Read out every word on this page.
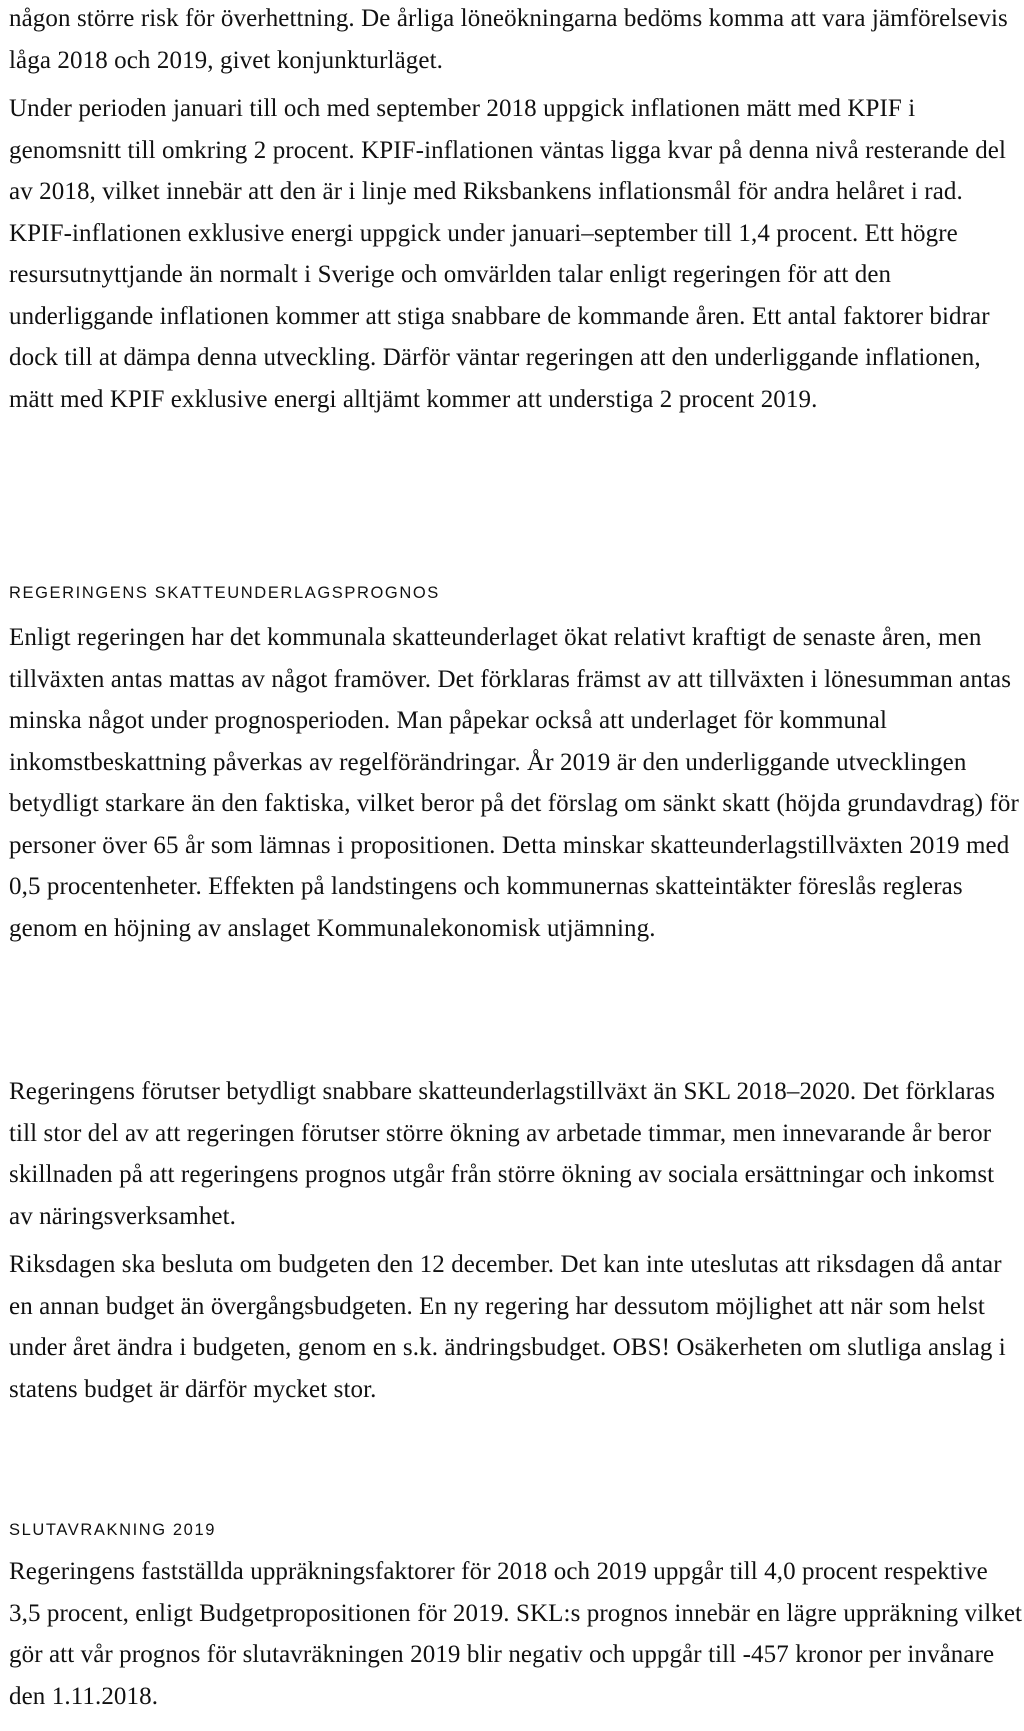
någon större risk för överhettning. De årliga löneökningarna bedöms komma att vara jämförelsevis låga 2018 och 2019, givet konjunkturläget.

Under perioden januari till och med september 2018 uppgick inflationen mätt med KPIF i genomsnitt till omkring 2 procent. KPIF-inflationen väntas ligga kvar på denna nivå resterande del av 2018, vilket innebär att den är i linje med Riksbankens inflationsmål för andra helåret i rad. KPIF-inflationen exklusive energi uppgick under januari–september till 1,4 procent. Ett högre resursutnyttjande än normalt i Sverige och omvärlden talar enligt regeringen för att den underliggande inflationen kommer att stiga snabbare de kommande åren. Ett antal faktorer bidrar dock till at dämpa denna utveckling. Därför väntar regeringen att den underliggande inflationen, mätt med KPIF exklusive energi alltjämt kommer att understiga 2 procent 2019.

REGERINGENS SKATTEUNDERLAGSPROGNOS

Enligt regeringen har det kommunala skatteunderlaget ökat relativt kraftigt de senaste åren, men tillväxten antas mattas av något framöver. Det förklaras främst av att tillväxten i lönesumman antas minska något under prognosperioden. Man påpekar också att underlaget för kommunal inkomstbeskattning påverkas av regelförändringar. År 2019 är den underliggande utvecklingen betydligt starkare än den faktiska, vilket beror på det förslag om sänkt skatt (höjda grundavdrag) för personer över 65 år som lämnas i propositionen. Detta minskar skatteunderlagstillväxten 2019 med 0,5 procentenheter. Effekten på landstingens och kommunernas skatteintäkter föreslås regleras genom en höjning av anslaget Kommunalekonomisk utjämning.

Regeringens förutser betydligt snabbare skatteunderlagstillväxt än SKL 2018–2020. Det förklaras till stor del av att regeringen förutser större ökning av arbetade timmar, men innevarande år beror skillnaden på att regeringens prognos utgår från större ökning av sociala ersättningar och inkomst av näringsverksamhet.

Riksdagen ska besluta om budgeten den 12 december. Det kan inte uteslutas att riksdagen då antar en annan budget än övergångsbudgeten. En ny regering har dessutom möjlighet att när som helst under året ändra i budgeten, genom en s.k. ändringsbudget. OBS! Osäkerheten om slutliga anslag i statens budget är därför mycket stor.

SLUTAVRAKNING 2019

Regeringens fastställda uppräkningsfaktorer för 2018 och 2019 uppgår till 4,0 procent respektive 3,5 procent, enligt Budgetpropositionen för 2019. SKL:s prognos innebär en lägre uppräkning vilket gör att vår prognos för slutavräkningen 2019 blir negativ och uppgår till -457 kronor per invånare den 1.11.2018.
